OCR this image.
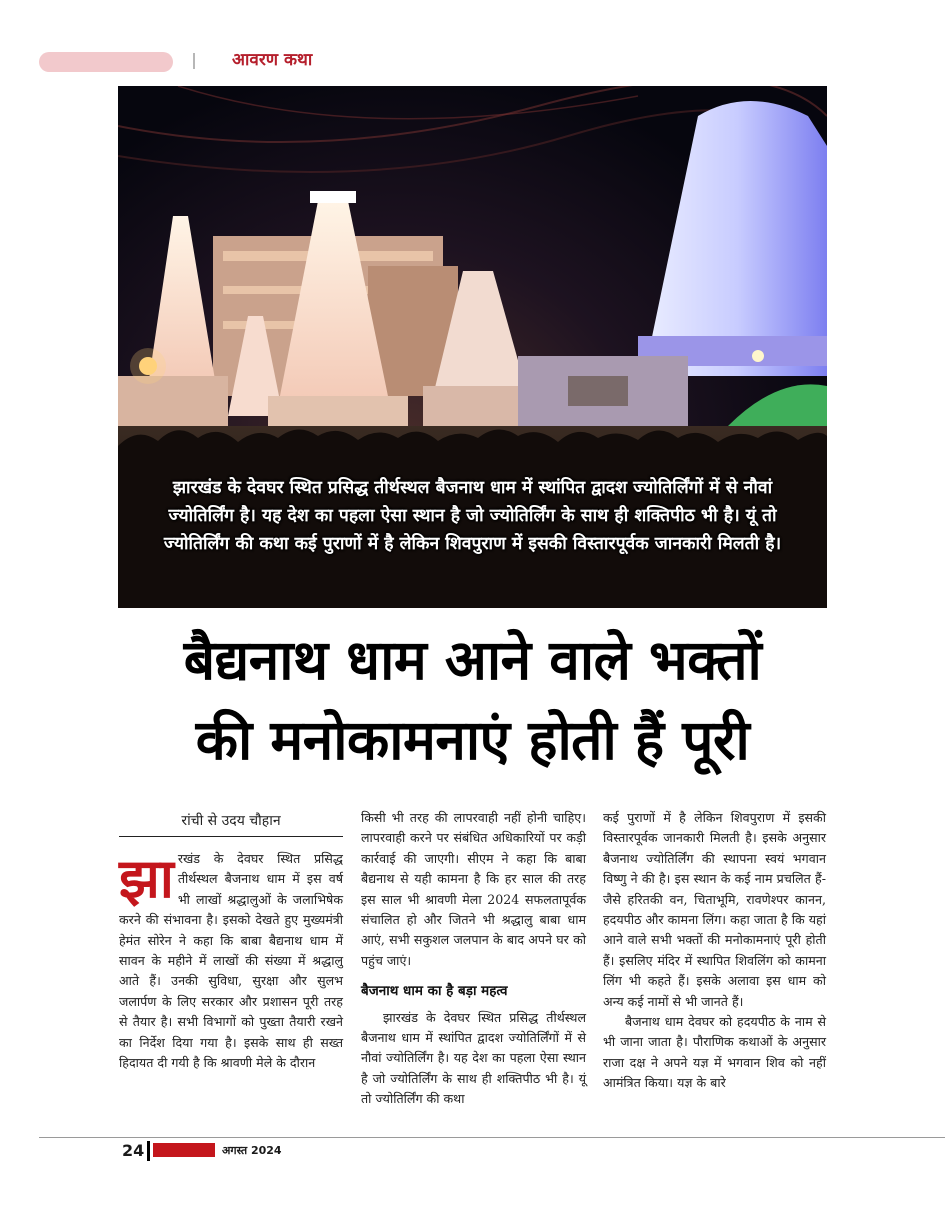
आवरण कथा
झारखंड के देवघर स्थित प्रसिद्ध तीर्थस्थल बैजनाथ धाम में स्थांपित द्वादश ज्योतिर्लिंगों में से नौवां ज्योतिर्लिंग है। यह देश का पहला ऐसा स्थान है जो ज्योतिर्लिंग के साथ ही शक्तिपीठ भी है। यूं तो ज्योतिर्लिंग की कथा कई पुराणों में है लेकिन शिवपुराण में इसकी विस्तारपूर्वक जानकारी मिलती है।
बैद्यनाथ धाम आने वाले भक्तों
की मनोकामनाएं होती हैं पूरी
रांची से उदय चौहान

झारखंड के देवघर स्थित प्रसिद्ध तीर्थस्थल बैजनाथ धाम में इस वर्ष भी लाखों श्रद्धालुओं के जलाभिषेक करने की संभावना है। इसको देखते हुए मुख्यमंत्री हेमंत सोरेन ने कहा कि बाबा बैद्यनाथ धाम में सावन के महीने में लाखों की संख्या में श्रद्धालु आते हैं। उनकी सुविधा, सुरक्षा और सुलभ जलार्पण के लिए सरकार और प्रशासन पूरी तरह से तैयार है। सभी विभागों को पुख्ता तैयारी रखने का निर्देश दिया गया है। इसके साथ ही सख्त हिदायत दी गयी है कि श्रावणी मेले के दौरान

किसी भी तरह की लापरवाही नहीं होनी चाहिए। लापरवाही करने पर संबंधित अधिकारियों पर कड़ी कार्रवाई की जाएगी। सीएम ने कहा कि बाबा बैद्यनाथ से यही कामना है कि हर साल की तरह इस साल भी श्रावणी मेला 2024 सफलतापूर्वक संचालित हो और जितने भी श्रद्धालु बाबा धाम आएं, सभी सकुशल जलपान के बाद अपने घर को पहुंच जाएं।

बैजनाथ धाम का है बड़ा महत्व

झारखंड के देवघर स्थित प्रसिद्ध तीर्थस्थल बैजनाथ धाम में स्थांपित द्वादश ज्योतिर्लिंगों में से नौवां ज्योतिर्लिंग है। यह देश का पहला ऐसा स्थान है जो ज्योतिर्लिंग के साथ ही शक्तिपीठ भी है। यूं तो ज्योतिर्लिंग की कथा

कई पुराणों में है लेकिन शिवपुराण में इसकी विस्तारपूर्वक जानकारी मिलती है। इसके अनुसार बैजनाथ ज्योतिर्लिंग की स्थापना स्वयं भगवान विष्णु ने की है। इस स्थान के कई नाम प्रचलित हैं- जैसे हरितकी वन, चिताभूमि, रावणेश्पर कानन, हदयपीठ और कामना लिंग। कहा जाता है कि यहां आने वाले सभी भक्तों की मनोकामनाएं पूरी होती हैं। इसलिए मंदिर में स्थापित शिवलिंग को कामना लिंग भी कहते हैं। इसके अलावा इस धाम को अन्य कई नामों से भी जानते हैं।

बैजनाथ धाम देवघर को हदयपीठ के नाम से भी जाना जाता है। पौराणिक कथाओं के अनुसार राजा दक्ष ने अपने यज्ञ में भगवान शिव को नहीं आमंत्रित किया। यज्ञ के बारे

24	अगस्त 2024
